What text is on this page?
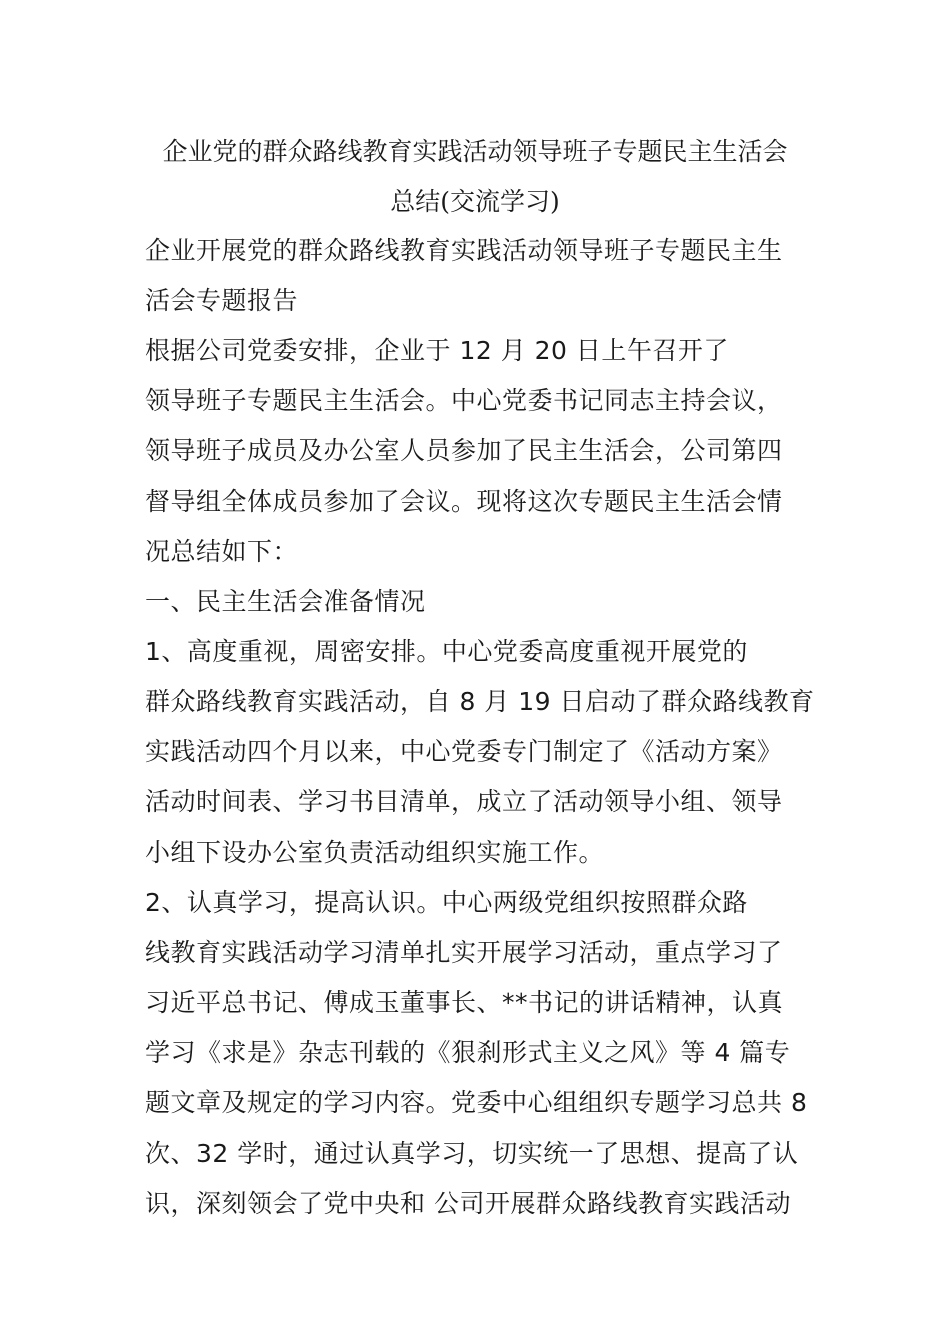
企业党的群众路线教育实践活动领导班子专题民主生活会
总结(交流学习)
企业开展党的群众路线教育实践活动领导班子专题民主生
活会专题报告
根据公司党委安排，企业于 12 月 20 日上午召开了
领导班子专题民主生活会。中心党委书记同志主持会议，
领导班子成员及办公室人员参加了民主生活会，公司第四
督导组全体成员参加了会议。现将这次专题民主生活会情
况总结如下：
一、民主生活会准备情况
1、高度重视，周密安排。中心党委高度重视开展党的
群众路线教育实践活动，自 8 月 19 日启动了群众路线教育
实践活动四个月以来，中心党委专门制定了《活动方案》
活动时间表、学习书目清单，成立了活动领导小组、领导
小组下设办公室负责活动组织实施工作。
2、认真学习，提高认识。中心两级党组织按照群众路
线教育实践活动学习清单扎实开展学习活动，重点学习了
习近平总书记、傅成玉董事长、**书记的讲话精神，认真
学习《求是》杂志刊载的《狠刹形式主义之风》等 4 篇专
题文章及规定的学习内容。党委中心组组织专题学习总共 8
次、32 学时，通过认真学习，切实统一了思想、提高了认
识，深刻领会了党中央和 公司开展群众路线教育实践活动
